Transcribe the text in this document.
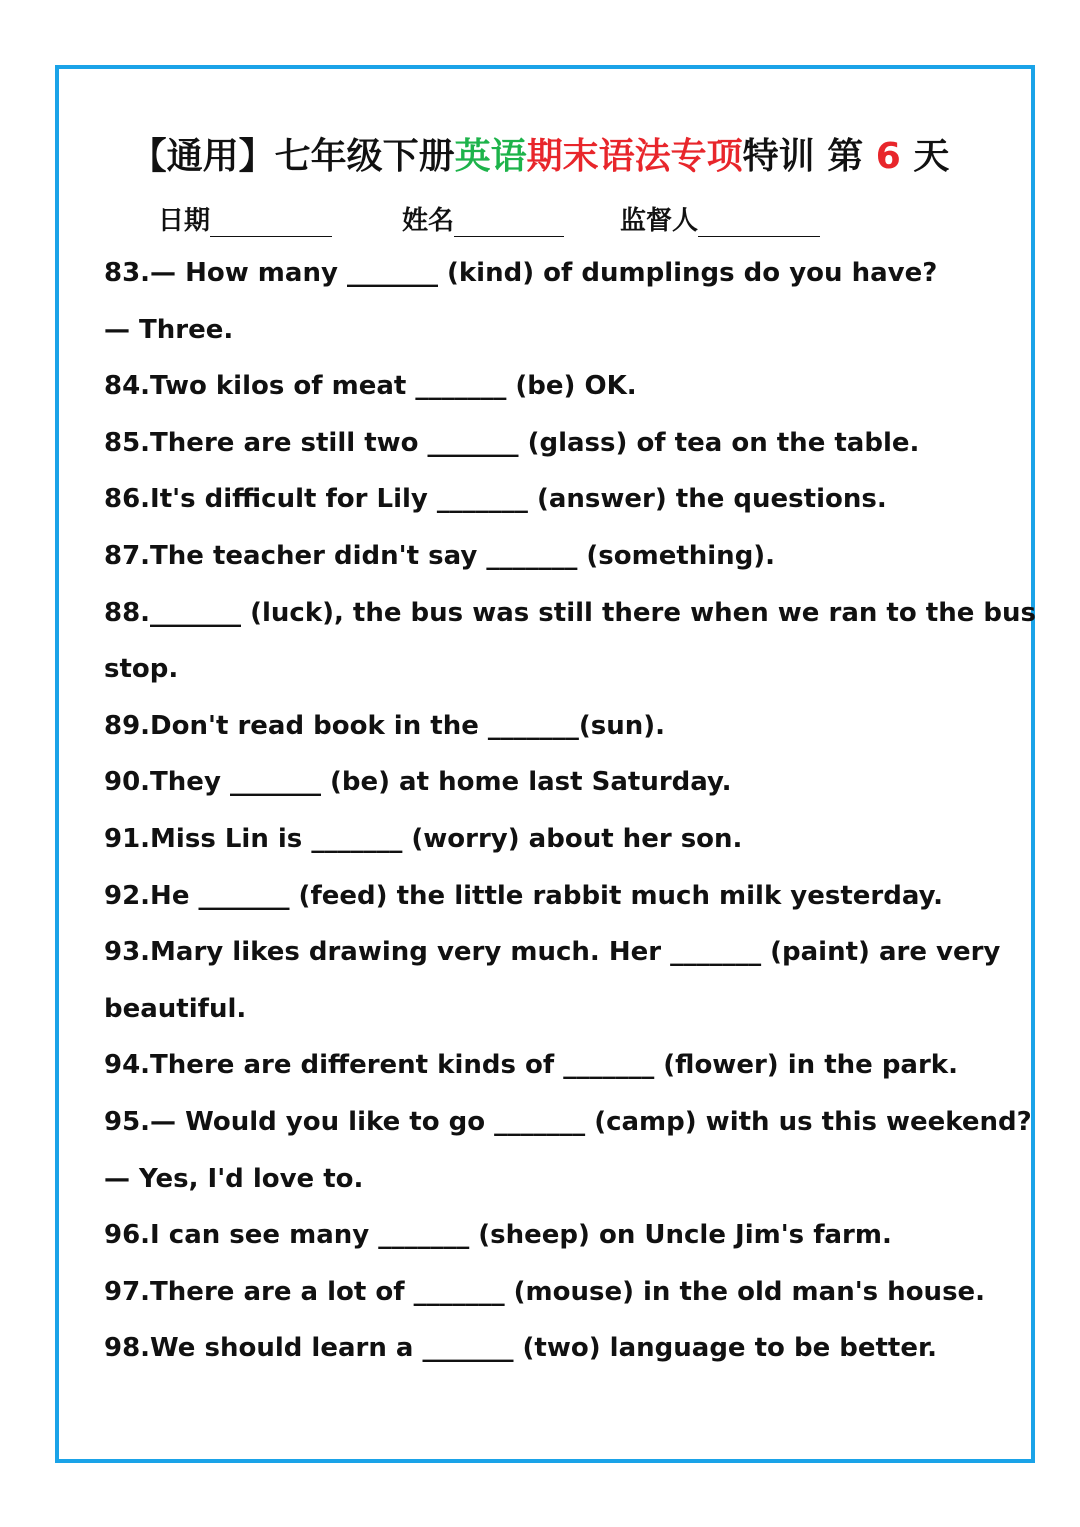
【通用】七年级下册英语期末语法专项特训 第 6 天
日期	姓名	监督人
83.— How many _______ (kind) of dumplings do you have?
— Three.
84.Two kilos of meat _______ (be) OK.
85.There are still two _______ (glass) of tea on the table.
86.It's difficult for Lily _______ (answer) the questions.
87.The teacher didn't say _______ (something).
88._______ (luck), the bus was still there when we ran to the bus
stop.
89.Don't read book in the _______(sun).
90.They _______ (be) at home last Saturday.
91.Miss Lin is _______ (worry) about her son.
92.He _______ (feed) the little rabbit much milk yesterday.
93.Mary likes drawing very much. Her _______ (paint) are very
beautiful.
94.There are different kinds of _______ (flower) in the park.
95.— Would you like to go _______ (camp) with us this weekend?
— Yes, I'd love to.
96.I can see many _______ (sheep) on Uncle Jim's farm.
97.There are a lot of _______ (mouse) in the old man's house.
98.We should learn a _______ (two) language to be better.
